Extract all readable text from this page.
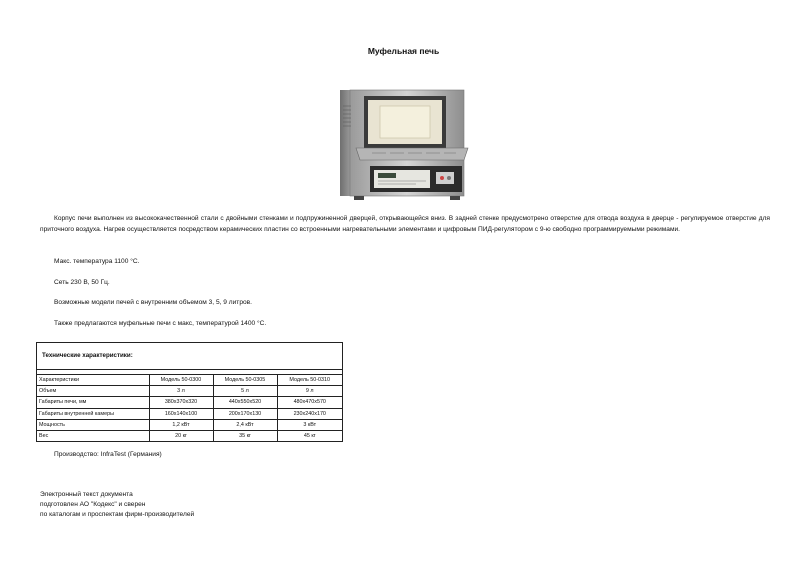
Муфельная печь
Корпус печи выполнен из высококачественной стали с двойными стенками и подпружиненной дверцей, открывающейся вниз. В задней стенке предусмотрено отверстие для отвода воздуха в дверце - регулируемое отверстие для приточного воздуха. Нагрев осуществляется посредством керамических пластин со встроенными нагревательными элементами и цифровым ПИД-регулятором с 9-ю свободно программируемыми режимами.
Макс. температура 1100 °С.
Сеть 230 В, 50 Гц.
Возможные модели печей с внутренним объемом 3, 5, 9 литров.
Также предлагаются муфельные печи с макс, температурой 1400 °С.
Технические характеристики:
Характеристики	Модель 50-0300	Модель 50-0305	Модель 50-0310
Объем	3 л	5 л	9 л
Габариты печи, мм	380x370x320	440x550x520	480x470x570
Габариты внутренней камеры	160x140x100	200x170x130	230x240x170
Мощность	1,2 кВт	2,4 кВт	3 кВт
Вес	20 кг	35 кг	45 кг
Производство: InfraTest (Германия)
Электронный текст документа
подготовлен АО "Кодекс" и сверен
по каталогам и проспектам фирм-производителей
